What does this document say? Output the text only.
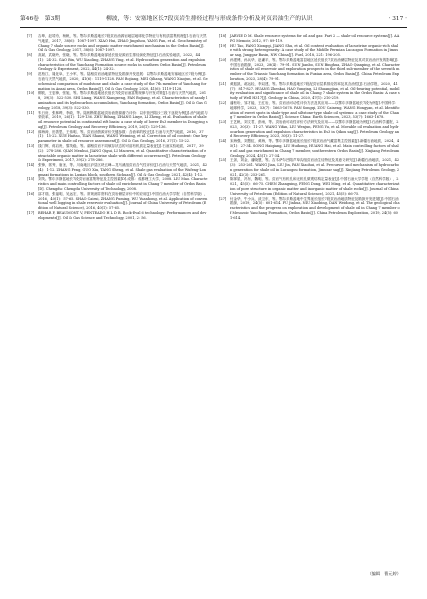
第46卷  第3期	柳波，等：安塞地区长7段页岩生排烃过程与形成条件分析及对页岩油生产的认识	· 317 ·

[7] 吉坤，赵靖舟，杨帆，等。鄂尔多斯盆地长7段页岩油源岩地层地球化学特征与有机质富集机理[J].石油与天然气地质，2017，38(6)：1087-1097. XIAO Hui, ZHAO Jingzhou, YANG Fan, et al. Geochemistry of Chang 7 shale source rocks and organic matter enrichment mechanism in the Ordos Basin[J]. Oil & Gas Geology, 2017, 38(6): 1087-1097.

[8] 高斌，武晓玲，张晓，等。鄂尔多斯盆地南部延长组烃源岩生排烃演化特征[J].石油实验地质，2022，44(1)：24-32. GAO Bin, WU Xiaoling, ZHANG Ying, et al. Hydrocarbon generation and expulsion characteristics of the Yanchang Formation source rocks in southern Ordos Basin[J]. Petroleum Geology & Experiment, 2022, 44(1): 24-32.

[9] 范柏江，晁化阜，王小军，等。陆相页岩油地质特征及勘探开发进展：以鄂尔多斯盆地安塞地区长7段为例[J].石油与天然气地质，2020，41(6)：1119-1128. FAN Bojiang, MEI Qiliang, WANG Xiaojun, et al. Geochemical comparison of mudstone and shale: a case study of the 7th member of Yanchang formation in Ansai area, Ordos Basin[J]. Oil & Gas Geology, 2020, 41(6): 1119-1128.

[10] 柳波，王忠锋，张旭，等。鄂尔多斯盆地延长组长7段页岩油富集规律与开发对策[J].石油与天然气地质，2018，39(3)：522-530. SHI Liang, WANG Xiangzeng, FAN Bojiang, et al. Characteristics of sandy lamination and its hydrocarbon accumulation, Yanchang formation, Ordos Basin[J]. Oil & Gas Geology, 2018, 39(3): 522-530.

[11] 朱日房，张林晔，李政，等。陆相断陷盆地页岩油资源潜力评价：以东营凹陷沙三段下亚段为例[J].油气地质与采收率，2019，26(1)：129-136. ZHU Rifang, ZHANG Linye, LI Zheng, et al. Evaluation of shale oil resource potential in continental rift basin: a case study of lower Es3 member in Dongying sag[J]. Petroleum Geology and Recovery Efficiency, 2019, 26(1): 129-136.

[12] 薛海涛，田善思，王伟明，等。页岩油资源评价关键参数：含油率的校正[J].石油与天然气地质，2016，37(1)：15-22. XUE Haitao, TIAN Shansi, WANG Weiming, et al. Correction of oil content: One key parameter in shale oil resource assessment[J]. Oil & Gas Geology, 2016, 37(1): 15-22.

[13] 钱门辉，蒋启贵，黎茂稳，等。湖相页岩不同赋存状态的可溶有机质定量表征[J].石油实验地质，2017，39(2)：278-286. QIAN Menhui, JIANG Qigui, LI Maowen, et al. Quantitative characterization of extractable organic matter in lacustrine shale with different occurrences[J]. Petroleum Geology & Experiment, 2017, 39(2): 278-286.

[14] 张锋，郭秀，唐圣，等。川南地区泸县区块五峰—龙马溪组页岩含气性评价[J].石油与天然气地质，2021，42(4)：1-12. ZHANG Feng, GUO Xiu, TANG Sheng, et al. Shale gas evaluation of the Wufeng-Longmaxi formations in Luxian block, southern Sichuan[J]. Oil & Gas Geology, 2021, 42(4): 1-12.

[15] 刘茂。鄂尔多斯盆地长7段页岩油富集特征及主控因素[D].成都：成都理工大学，2008. LIU Mao. Characteristics and main controlling factors of shale oil enrichment in Chang 7 member of Ordos Basin[D]. Chengdu: Chengdu University of Technology, 2008.

[16] 邵才瑞，张福明，吴远宏，等。常规测井资料在页岩储层评价中的应用[J].中国石油大学学报（自然科学版），2016，40(1)：57-65. SHAO Cairui, ZHANG Fuming, WU Yuanhong, et al. Application of conventional well logging in shale reservoir evaluation[J]. Journal of China University of Petroleum (Edition of Natural Science), 2016, 40(1): 57-65.

[17] BEHAR F, BEAUMONT V, PENTEADO H L D B. Rock-Eval 6 technology: Performances and developments[J]. Oil & Gas Science and Technology, 2001, 2: 56.

[18] JARVIE D M. Shale resource systems for oil and gas: Part 2 — shale-oil resource systems[J]. AAPG Memoir, 2012, 97: 89-119.

[19] HU Tao, PANG Xiongqi, JIANG Shu, et al. Oil content evaluation of lacustrine organic-rich shale with strong heterogeneity: A case study of the Middle Permian Lucaogou Formation in Jimusar sag, Junggar Basin, NW China[J]. Fuel, 2018, 221: 196-205.

[20] 孙建博，孙兵华，赵谦平，等。鄂尔多斯盆地富县地区延长组长7页岩油储层特征及其对页岩油开发的影响[J].中国石油勘探，2023，28(4)：79-91. SUN Jianbo, SUN Binghua, ZHAO Qianping, et al. Characteristics of shale oil reservoir and exploration prospects in the third sub-member of the seventh member of the Triassic Yanchang formation in Fuxian area, Ordos Basin[J]. China Petroleum Exploration, 2023, 28(4): 79-91.

[21] 黄振凯，郝运轻，李双建，等。鄂尔多斯盆地长7段泥页岩层系排烃效率及其含油性[J].石油学报，2020，41(7)：817-827. HUANG Zhenkai, HAO Yunqing, LI Shuangjian, et al. Oil-bearing potential, mobility evaluation and significance of shale oil in Chang 7 shale system in the Ordos Basin: A case study of Well H317[J]. Geology in China, 2020, 47(1): 210-219.

[22] 潘松圻，邹才能，王红岩，等。页岩油可动性评价方法及其应用——以鄂尔多斯盆地长7段为例[J].中国科学：地球科学，2023，53(7)：1663-1678. PAN Songqi, ZOU Caineng, WANG Hongyan, et al. Identification of sweet spots in shale-type and siltstone-type shale oil systems: a case study of the Chang 7 member in Ordos Basin[J]. Science China: Earth Sciences, 2023, 53(7): 1663-1678.

[23] 王艺帆，刘文君，彭雨，等。页岩油可动性评价方法研究及应用——以鄂尔多斯盆地为例[J].石油科学通报，2023，30(3)：11-27. WANG Yifan, LIU Wenjun, PENG Yu, et al. Movable oil evaluation and hydrocarbon generation and expulsion characteristics in Es3 in Qikou sag[J]. Petroleum Geology and Recovery Efficiency, 2023, 30(3): 11-27.

[24] 宋海强，刘慧虹，黄海，等。鄂尔多斯盆地延长组长7段页岩油气藏富集主控因素[J].新疆石油地质，2024，45(1)：27-34. SONG Haiqiang, LIU Huihong, HUANG Hai, et al. Main controlling factors of shale oil and gas enrichment in Chang 7 member, southwestern Ordos Basin[J]. Xinjiang Petroleum Geology, 2024, 45(1): 27-34.

[25] 王剑，刘金，潘晓慧，等。吉木萨尔凹陷芦草沟组页岩油生烃特征及其意义研究[J].新疆石油地质，2021，42(3)：253-261. WANG Jian, LIU Jin, PAN Xiaohui, et al. Precursor and mechanism of hydrocarbon generation for shale oil in Lucaogou formation, Jimusar sag[J]. Xinjiang Petroleum Geology, 2021, 42(3): 253-261.

[26] 陈掌星，冯东，魏明，等。页岩气有机孔和无机孔微观结构定量表征[J].中国石油大学学报（自然科学版），2021，45(5)：66-75. CHEN Zhangxing, FENG Dong, WEI Ming, et al. Quantitative characterization of pore structure in organic matter and inorganic matter of shale rocks[J]. Journal of China University of Petroleum (Edition of Natural Science), 2021, 45(5): 66-75.

[27] 付金华，牛小兵，淡卫东，等。鄂尔多斯盆地中生界延长组长7段页岩油地质特征及勘探开发进展[J].中国石油勘探，2019，24(5)：601-614. FU Jinhua, NIU Xiaobing, DAN Weidong, et al. The geological characteristics and the progress on exploration and development of shale oil in Chang 7 member of Mesozoic Yanchang Formation, Ordos Basin[J]. China Petroleum Exploration, 2019, 24(5): 601-614.

（编辑　曹元婷）
